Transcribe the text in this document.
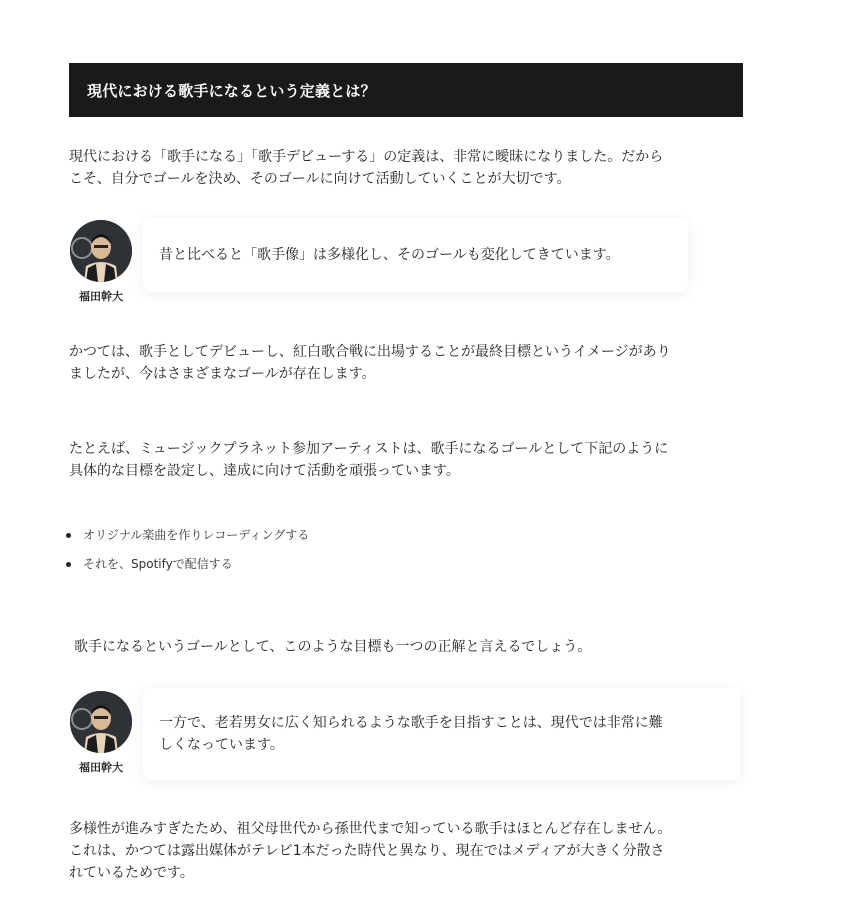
現代における歌手になるという定義とは？

現代における「歌手になる」「歌手デビューする」の定義は、非常に曖昧になりました。だから
こそ、自分でゴールを決め、そのゴールに向けて活動していくことが大切です。

福田幹大
昔と比べると「歌手像」は多様化し、そのゴールも変化してきています。

かつては、歌手としてデビューし、紅白歌合戦に出場することが最終目標というイメージがあり
ましたが、今はさまざまなゴールが存在します。

たとえば、ミュージックプラネット参加アーティストは、歌手になるゴールとして下記のように
具体的な目標を設定し、達成に向けて活動を頑張っています。

オリジナル楽曲を作りレコーディングする
それを、Spotifyで配信する

歌手になるというゴールとして、このような目標も一つの正解と言えるでしょう。

福田幹大
一方で、老若男女に広く知られるような歌手を目指すことは、現代では非常に難
しくなっています。

多様性が進みすぎたため、祖父母世代から孫世代まで知っている歌手はほとんど存在しません。
これは、かつては露出媒体がテレビ1本だった時代と異なり、現在ではメディアが大きく分散さ
れているためです。
